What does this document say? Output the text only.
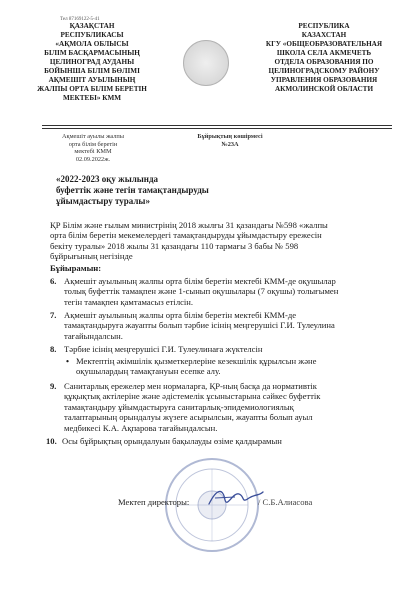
Тел 87169122-5-41
ҚАЗАҚСТАН
РЕСПУБЛИКАСЫ
«АҚМОЛА ОБЛЫСЫ
БІЛІМ БАСҚАРМАСЫНЫҢ
ЦЕЛИНОГРАД АУДАНЫ
БОЙЫНША БІЛІМ БӨЛІМІ
АҚМЕШІТ АУЫЛЫНЫҢ
ЖАЛПЫ ОРТА БІЛІМ БЕРЕТІН
МЕКТЕБІ» КММ
РЕСПУБЛИКА
КАЗАХСТАН
КГУ «ОБЩЕОБРАЗОВАТЕЛЬНАЯ
ШКОЛА СЕЛА АКМЕЧЕТЬ
ОТДЕЛА ОБРАЗОВАНИЯ ПО
ЦЕЛИНОГРАДСКОМУ РАЙОНУ
УПРАВЛЕНИЯ ОБРАЗОВАНИЯ
АКМОЛИНСКОЙ ОБЛАСТИ
Ақмешіт ауылы жалпы
орта білім беретін
мектебі КММ
02.09.2022ж.
Бұйрықтың көшірмесі
№23А
«2022-2023 оқу жылында
буфеттік және тегін тамақтандыруды
ұйымдастыру туралы»
ҚР Білім және ғылым министрінің 2018 жылғы 31 қазандағы №598 «жалпы
орта білім беретін мекемелердегі тамақтандыруды ұйымдастыру ережесін
бекіту туралы» 2018 жылы 31 қазандағы 110 тармағы 3 бабы № 598
бұйрығының негізінде
Бұйырамын:
6. Ақмешіт ауылының жалпы орта білім беретін мектебі КММ-де оқушылар
толық буфеттік тамақпен және 1-сынып оқушылары (7 оқушы) толығымен
тегін тамақпен қамтамасыз етілсін.
7. Ақмешіт ауылының жалпы орта білім беретін мектебі КММ-де
тамақтандыруға жауапты болып тәрбие ісінің меңгерушісі Г.И. Тулеулина
тағайындалсын.
8. Тәрбие ісінің меңгерушісі Г.И. Тулеулинаға жүктелсін
• Мектептің әкімшілік қызметкерлеріне кезекшілік құрылсын және
оқушылардың тамақтануын есепке алу.
9. Санитарлық ережелер мен нормаларға, ҚР-ның басқа да нормативтік
құқықтық актілеріне және әдістемелік ұсыныстарына сәйкес буфеттік
тамақтандыру ұйымдастыруға санитарлық-эпидемиологиялық
талаптарының орындалуы жүзеге асырылсын, жауапты болып ауыл
медбикесі К.А. Ақпарова тағайындалсын.
10. Осы бұйрықтың орындалуын бақылауды өзіме қалдырамын
Мектеп директоры:	/ С.Б.Алиасова
